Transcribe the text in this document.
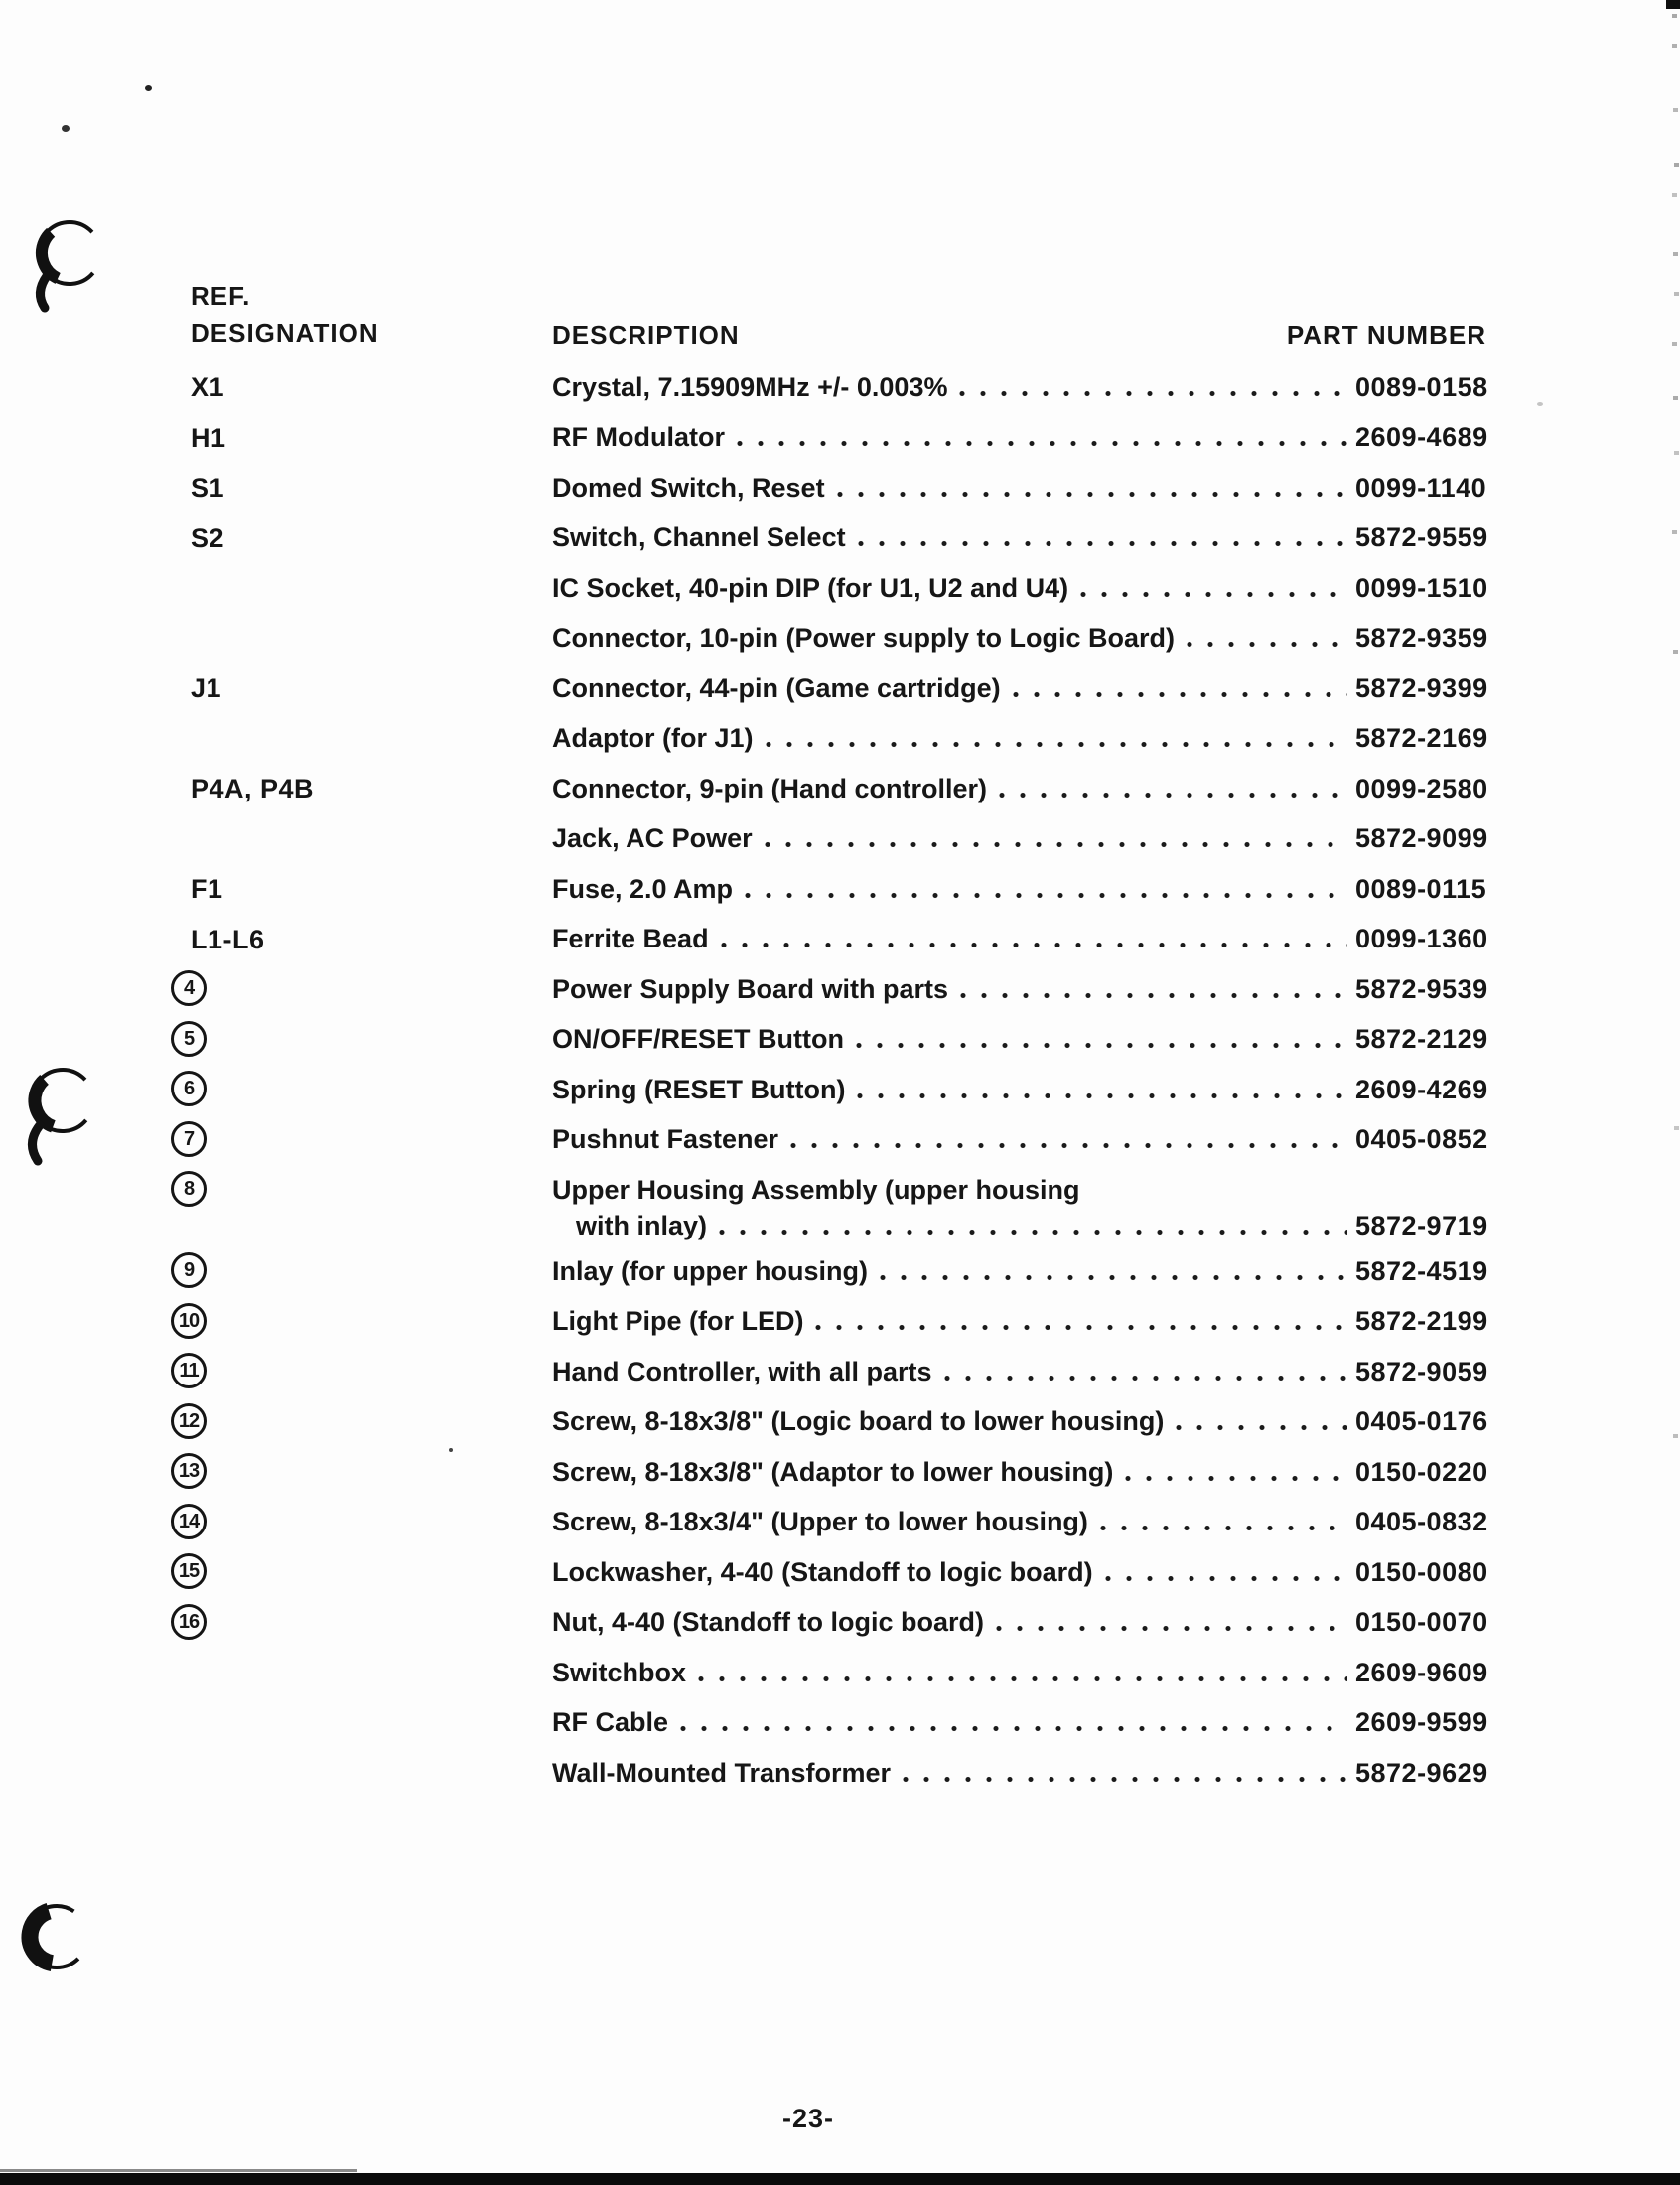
REF.
DESIGNATION	DESCRIPTION	PART NUMBER
X1	Crystal, 7.15909MHz +/- 0.003%	0089-0158
H1	RF Modulator	2609-4689
S1	Domed Switch, Reset	0099-1140
S2	Switch, Channel Select	5872-9559
IC Socket, 40-pin DIP (for U1, U2 and U4)	0099-1510
Connector, 10-pin (Power supply to Logic Board)	5872-9359
J1	Connector, 44-pin (Game cartridge)	5872-9399
Adaptor (for J1)	5872-2169
P4A, P4B	Connector, 9-pin (Hand controller)	0099-2580
Jack, AC Power	5872-9099
F1	Fuse, 2.0 Amp	0089-0115
L1-L6	Ferrite Bead	0099-1360
4	Power Supply Board with parts	5872-9539
5	ON/OFF/RESET Button	5872-2129
6	Spring (RESET Button)	2609-4269
7	Pushnut Fastener	0405-0852
8	Upper Housing Assembly (upper housing
with inlay)	5872-9719
9	Inlay (for upper housing)	5872-4519
10	Light Pipe (for LED)	5872-2199
11	Hand Controller, with all parts	5872-9059
12	Screw, 8-18x3/8" (Logic board to lower housing)	0405-0176
13	Screw, 8-18x3/8" (Adaptor to lower housing)	0150-0220
14	Screw, 8-18x3/4" (Upper to lower housing)	0405-0832
15	Lockwasher, 4-40 (Standoff to logic board)	0150-0080
16	Nut, 4-40 (Standoff to logic board)	0150-0070
Switchbox	2609-9609
RF Cable	2609-9599
Wall-Mounted Transformer	5872-9629
-23-
